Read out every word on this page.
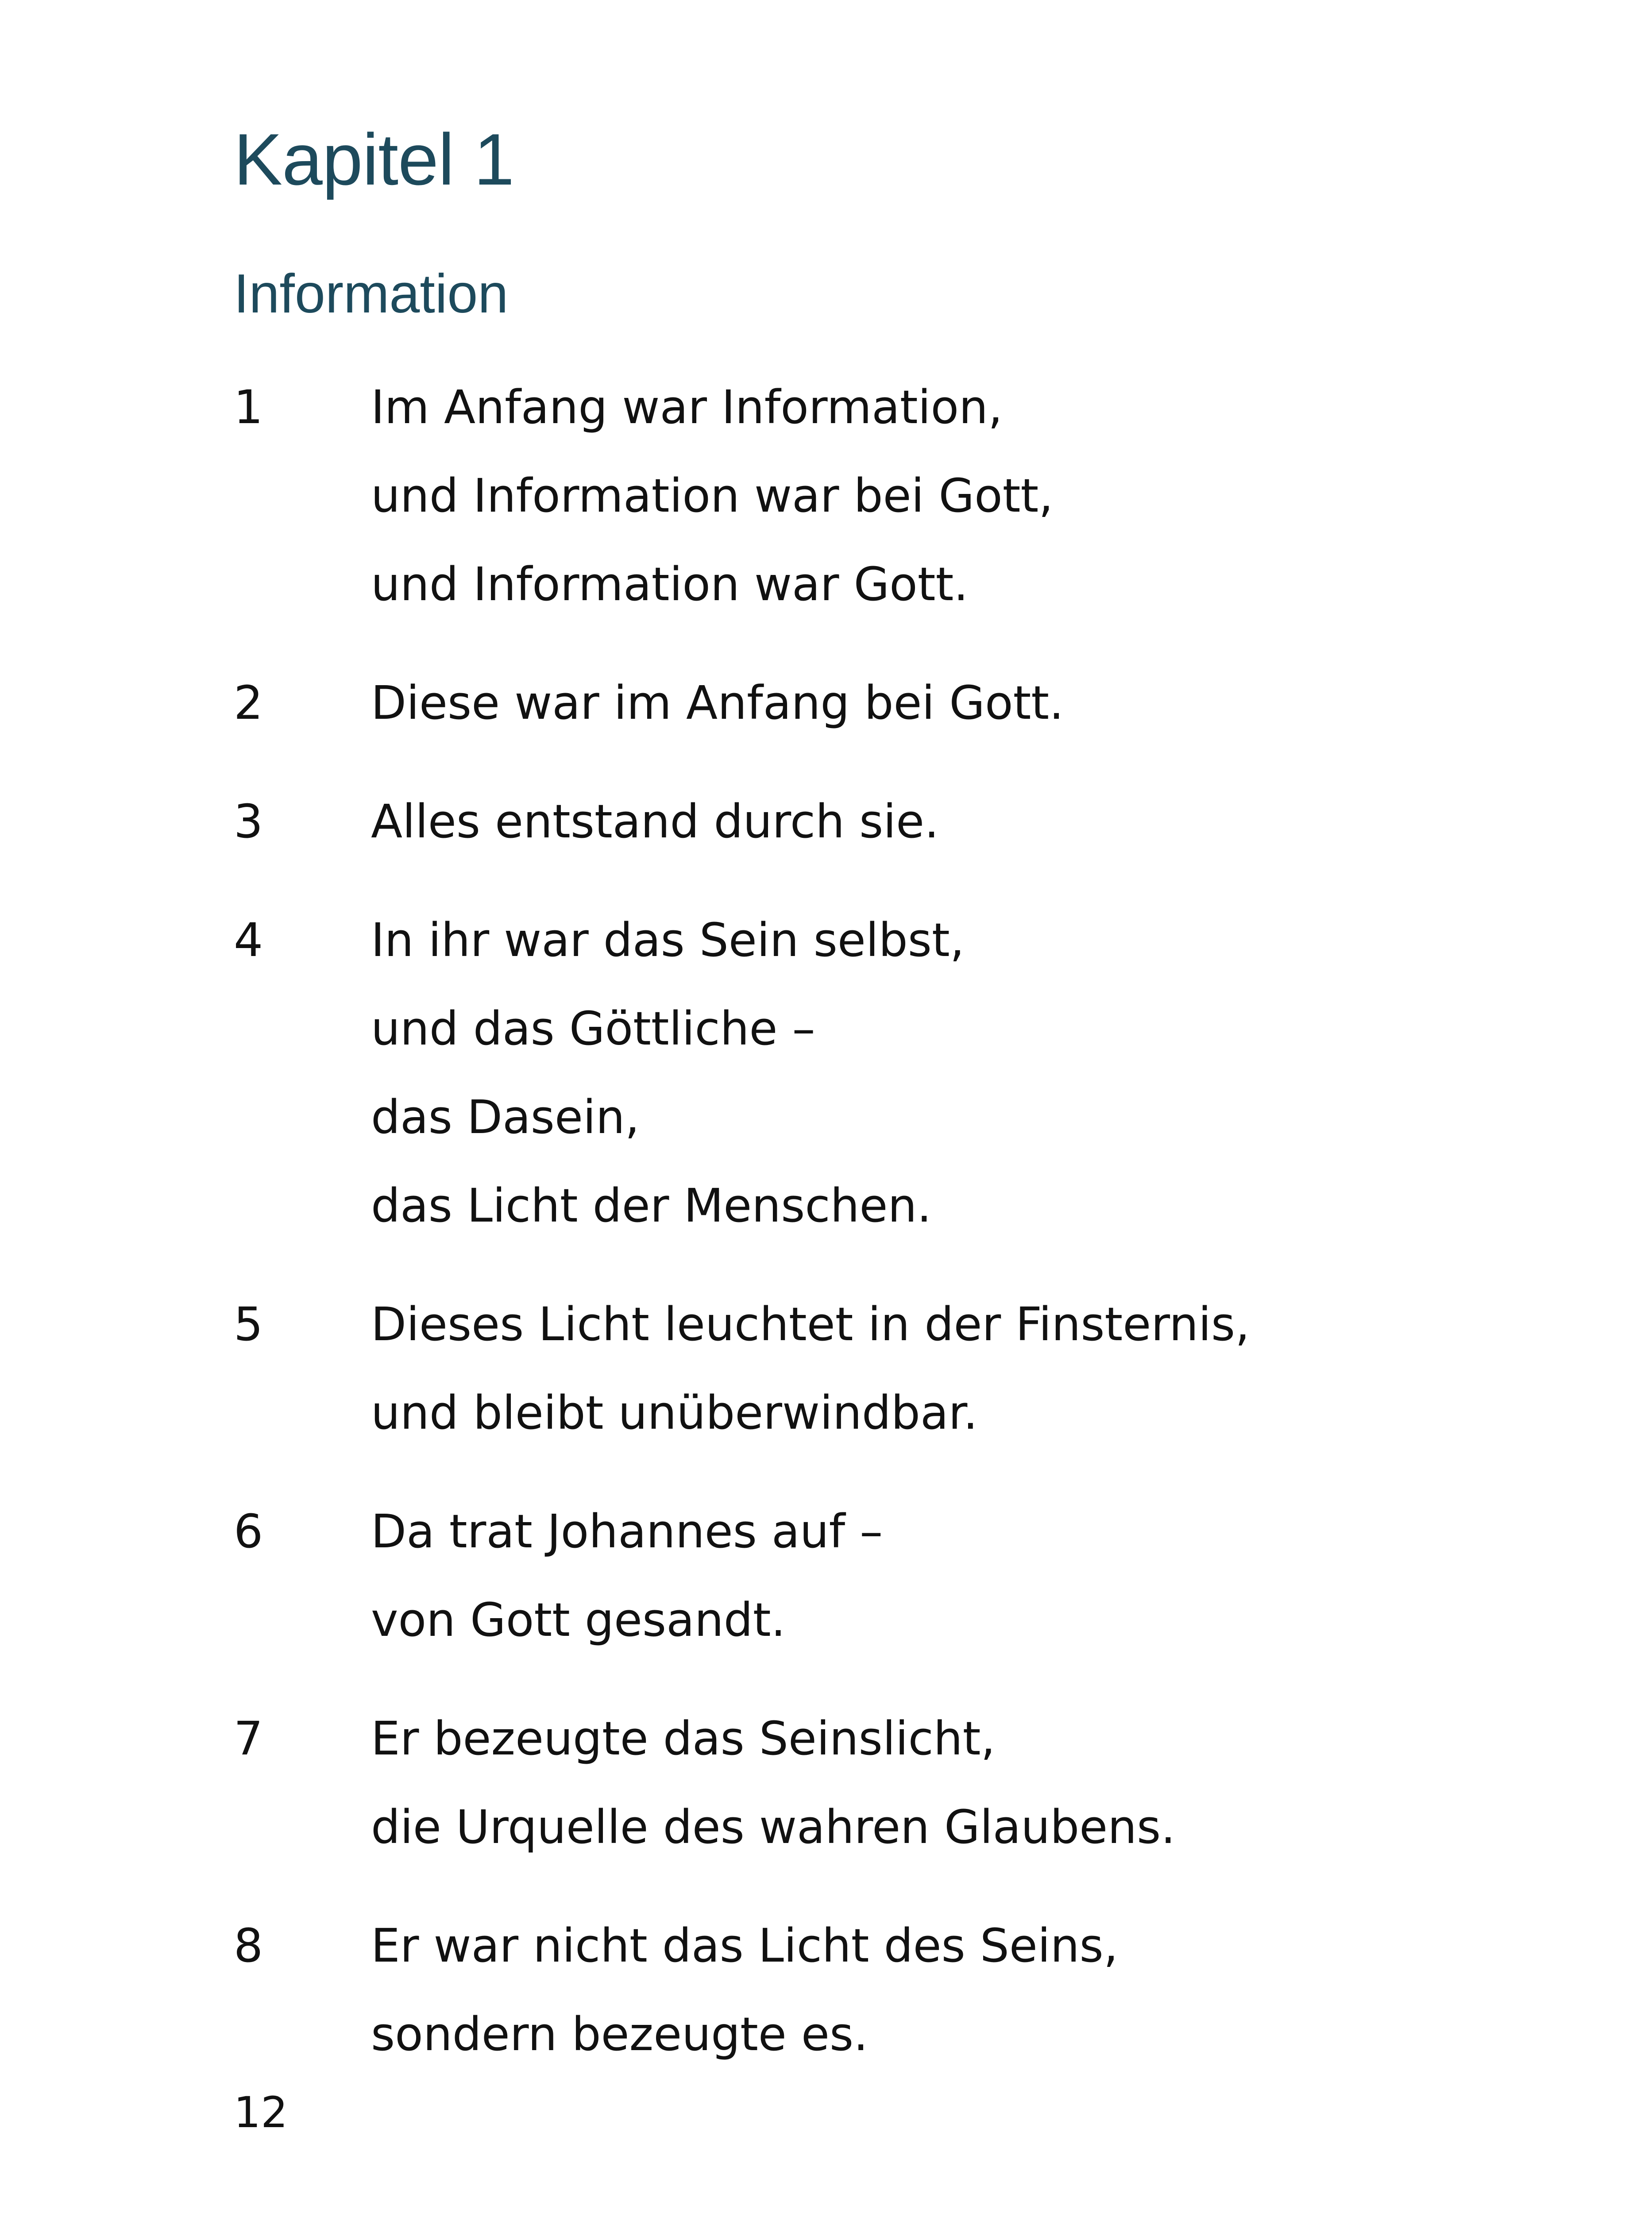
Kapitel 1
Information
1	Im Anfang war Information,
und Information war bei Gott,
und Information war Gott.
2	Diese war im Anfang bei Gott.
3	Alles entstand durch sie.
4	In ihr war das Sein selbst,
und das Göttliche –
das Dasein,
das Licht der Menschen.
5	Dieses Licht leuchtet in der Finsternis,
und bleibt unüberwindbar.
6	Da trat Johannes auf –
von Gott gesandt.
7	Er bezeugte das Seinslicht,
die Urquelle des wahren Glaubens.
8	Er war nicht das Licht des Seins,
sondern bezeugte es.
12
